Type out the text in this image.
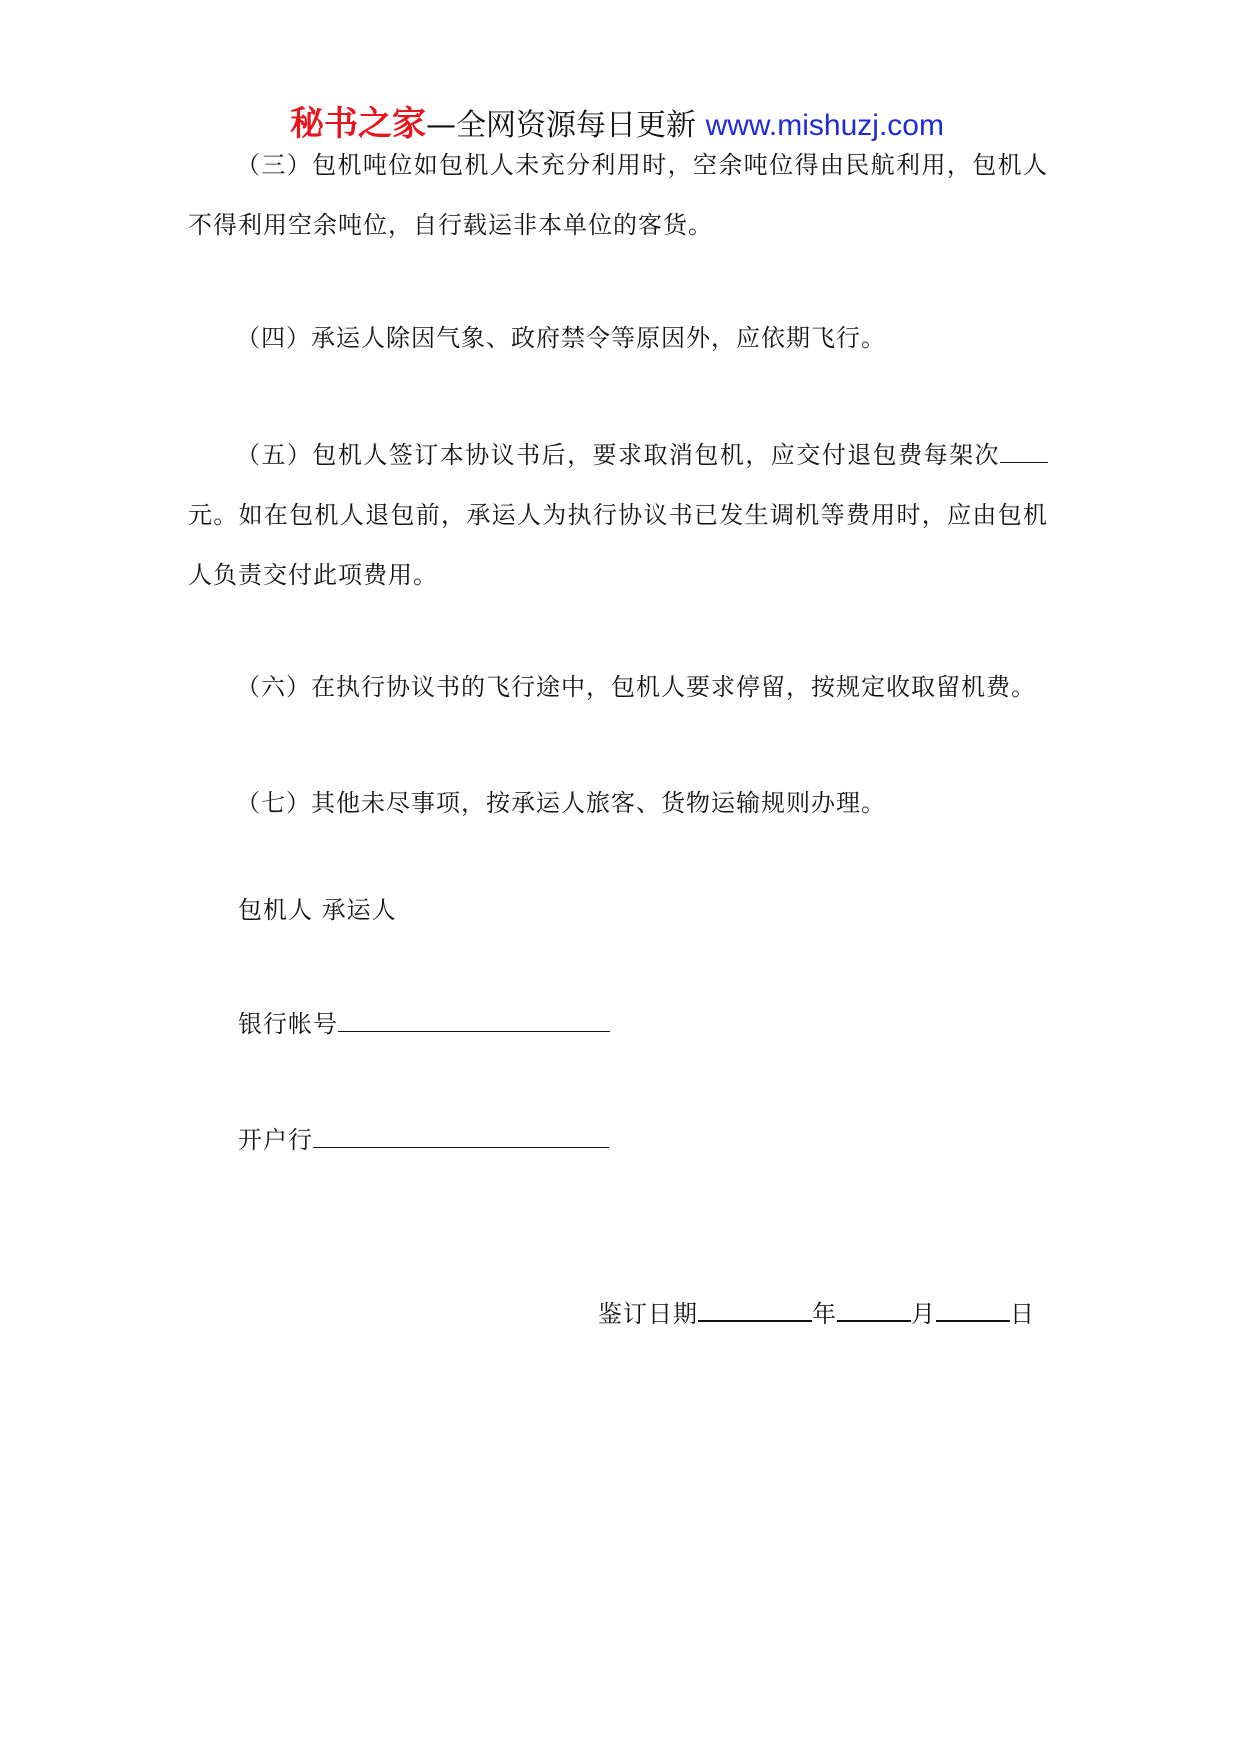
秘书之家—全网资源每日更新 www.mishuzj.com
（三）包机吨位如包机人未充分利用时，空余吨位得由民航利用，包机人不得利用空余吨位，自行载运非本单位的客货。
（四）承运人除因气象、政府禁令等原因外，应依期飞行。
（五）包机人签订本协议书后，要求取消包机，应交付退包费每架次元。如在包机人退包前，承运人为执行协议书已发生调机等费用时，应由包机人负责交付此项费用。
（六）在执行协议书的飞行途中，包机人要求停留，按规定收取留机费。
（七）其他未尽事项，按承运人旅客、货物运输规则办理。
包机人 承运人
银行帐号
开户行
鉴订日期	年	月	日
